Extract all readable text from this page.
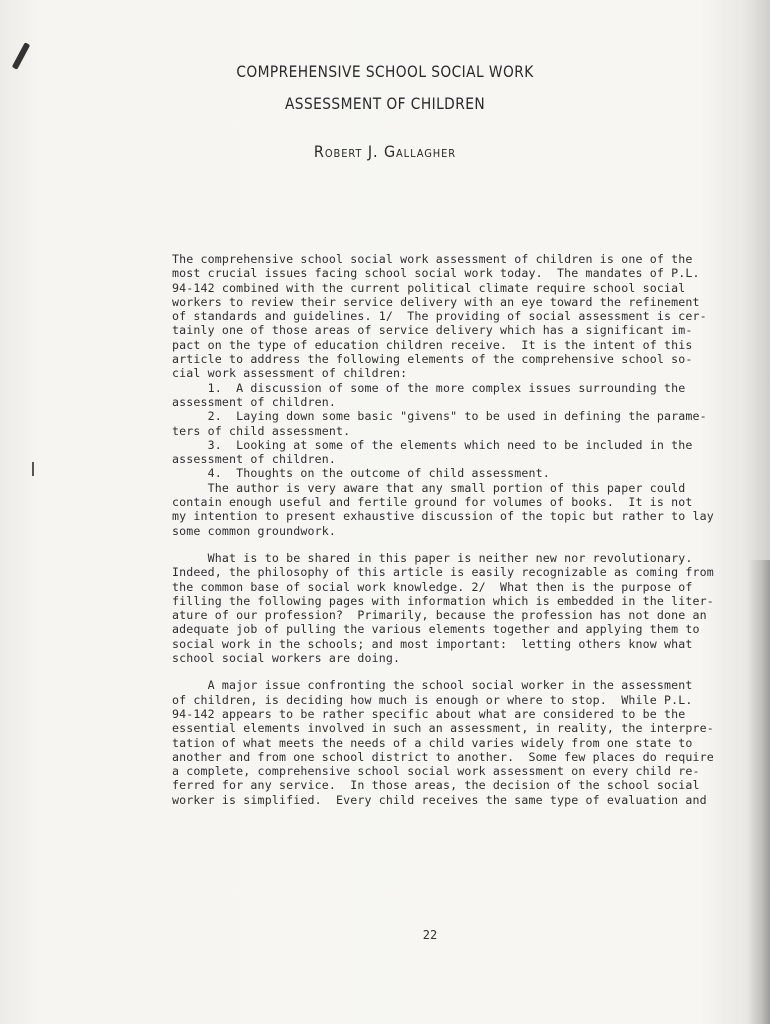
COMPREHENSIVE SCHOOL SOCIAL WORK
ASSESSMENT OF CHILDREN
Robert J. Gallagher
The comprehensive school social work assessment of children is one of the
most crucial issues facing school social work today.  The mandates of P.L.
94-142 combined with the current political climate require school social
workers to review their service delivery with an eye toward the refinement
of standards and guidelines. 1/  The providing of social assessment is cer-
tainly one of those areas of service delivery which has a significant im-
pact on the type of education children receive.  It is the intent of this
article to address the following elements of the comprehensive school so-
cial work assessment of children:
1.  A discussion of some of the more complex issues surrounding the
assessment of children.
2.  Laying down some basic "givens" to be used in defining the parame-
ters of child assessment.
3.  Looking at some of the elements which need to be included in the
assessment of children.
4.  Thoughts on the outcome of child assessment.
The author is very aware that any small portion of this paper could
contain enough useful and fertile ground for volumes of books.  It is not
my intention to present exhaustive discussion of the topic but rather to lay
some common groundwork.
What is to be shared in this paper is neither new nor revolutionary.
Indeed, the philosophy of this article is easily recognizable as coming from
the common base of social work knowledge. 2/  What then is the purpose of
filling the following pages with information which is embedded in the liter-
ature of our profession?  Primarily, because the profession has not done an
adequate job of pulling the various elements together and applying them to
social work in the schools; and most important:  letting others know what
school social workers are doing.
A major issue confronting the school social worker in the assessment
of children, is deciding how much is enough or where to stop.  While P.L.
94-142 appears to be rather specific about what are considered to be the
essential elements involved in such an assessment, in reality, the interpre-
tation of what meets the needs of a child varies widely from one state to
another and from one school district to another.  Some few places do require
a complete, comprehensive school social work assessment on every child re-
ferred for any service.  In those areas, the decision of the school social
worker is simplified.  Every child receives the same type of evaluation and
22
